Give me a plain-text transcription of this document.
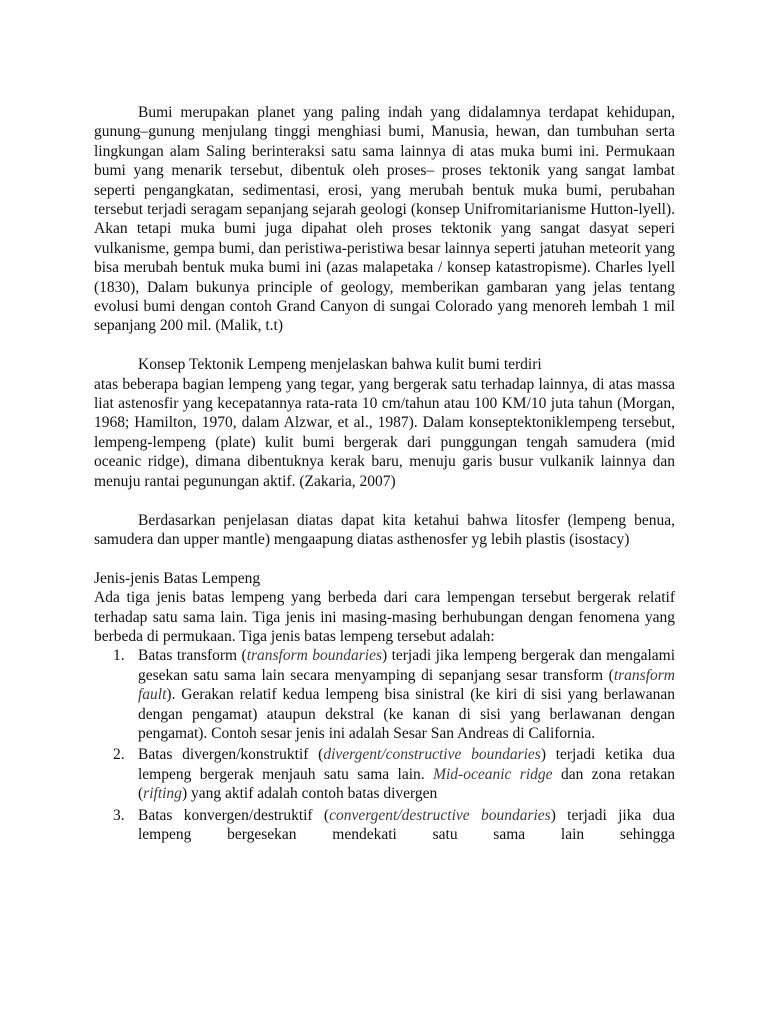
Bumi merupakan planet yang paling indah yang didalamnya terdapat kehidupan, gunung–gunung menjulang tinggi menghiasi bumi, Manusia, hewan, dan tumbuhan serta lingkungan alam Saling berinteraksi satu sama lainnya di atas muka bumi ini. Permukaan bumi yang menarik tersebut, dibentuk oleh proses– proses tektonik yang sangat lambat seperti pengangkatan, sedimentasi, erosi, yang merubah bentuk muka bumi, perubahan tersebut terjadi seragam sepanjang sejarah geologi (konsep Unifromitarianisme Hutton-lyell). Akan tetapi muka bumi juga dipahat oleh proses tektonik yang sangat dasyat seperi vulkanisme, gempa bumi, dan peristiwa-peristiwa besar lainnya seperti jatuhan meteorit yang bisa merubah bentuk muka bumi ini (azas malapetaka / konsep katastropisme). Charles lyell (1830), Dalam bukunya principle of geology, memberikan gambaran yang jelas tentang evolusi bumi dengan contoh Grand Canyon di sungai Colorado yang menoreh lembah 1 mil sepanjang 200 mil. (Malik, t.t)

Konsep Tektonik Lempeng menjelaskan bahwa kulit bumi terdiri

atas beberapa bagian lempeng yang tegar, yang bergerak satu terhadap lainnya, di atas massa liat astenosfir yang kecepatannya rata-rata 10 cm/tahun atau 100 KM/10 juta tahun (Morgan, 1968; Hamilton, 1970, dalam Alzwar, et al., 1987). Dalam konseptektoniklempeng tersebut, lempeng-lempeng (plate) kulit bumi bergerak dari punggungan tengah samudera (mid oceanic ridge), dimana dibentuknya kerak baru, menuju garis busur vulkanik lainnya dan menuju rantai pegunungan aktif. (Zakaria, 2007)

Berdasarkan penjelasan diatas dapat kita ketahui bahwa litosfer (lempeng benua, samudera dan upper mantle) mengaapung diatas asthenosfer yg lebih plastis (isostacy)

Jenis-jenis Batas Lempeng

Ada tiga jenis batas lempeng yang berbeda dari cara lempengan tersebut bergerak relatif terhadap satu sama lain. Tiga jenis ini masing-masing berhubungan dengan fenomena yang berbeda di permukaan. Tiga jenis batas lempeng tersebut adalah:

1. Batas transform (transform boundaries) terjadi jika lempeng bergerak dan mengalami gesekan satu sama lain secara menyamping di sepanjang sesar transform (transform fault). Gerakan relatif kedua lempeng bisa sinistral (ke kiri di sisi yang berlawanan dengan pengamat) ataupun dekstral (ke kanan di sisi yang berlawanan dengan pengamat). Contoh sesar jenis ini adalah Sesar San Andreas di California.
2. Batas divergen/konstruktif (divergent/constructive boundaries) terjadi ketika dua lempeng bergerak menjauh satu sama lain. Mid-oceanic ridge dan zona retakan (rifting) yang aktif adalah contoh batas divergen
3. Batas konvergen/destruktif (convergent/destructive boundaries) terjadi jika dua lempeng bergesekan mendekati satu sama lain sehingga
